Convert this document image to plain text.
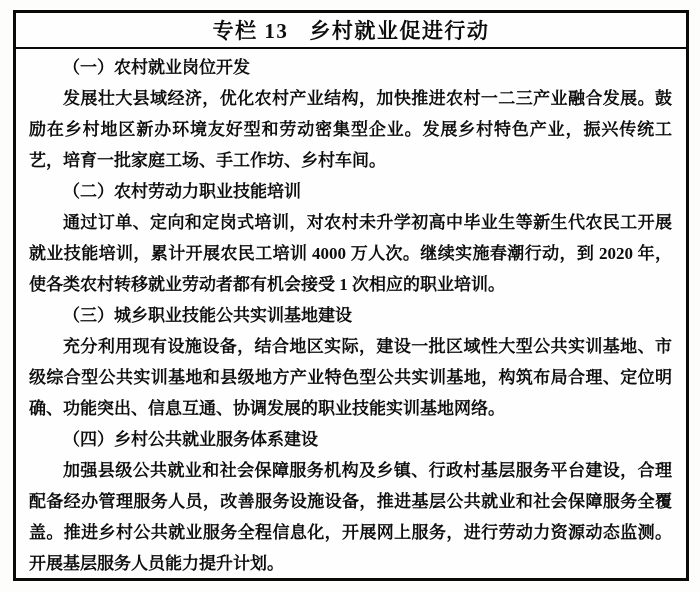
专栏 13 乡村就业促进行动
（一）农村就业岗位开发
发展壮大县域经济，优化农村产业结构，加快推进农村一二三产业融合发展。鼓励在乡村地区新办环境友好型和劳动密集型企业。发展乡村特色产业，振兴传统工艺，培育一批家庭工场、手工作坊、乡村车间。
（二）农村劳动力职业技能培训
通过订单、定向和定岗式培训，对农村未升学初高中毕业生等新生代农民工开展就业技能培训，累计开展农民工培训 4000 万人次。继续实施春潮行动，到 2020 年，使各类农村转移就业劳动者都有机会接受 1 次相应的职业培训。
（三）城乡职业技能公共实训基地建设
充分利用现有设施设备，结合地区实际，建设一批区域性大型公共实训基地、市级综合型公共实训基地和县级地方产业特色型公共实训基地，构筑布局合理、定位明确、功能突出、信息互通、协调发展的职业技能实训基地网络。
（四）乡村公共就业服务体系建设
加强县级公共就业和社会保障服务机构及乡镇、行政村基层服务平台建设，合理配备经办管理服务人员，改善服务设施设备，推进基层公共就业和社会保障服务全覆盖。推进乡村公共就业服务全程信息化，开展网上服务，进行劳动力资源动态监测。开展基层服务人员能力提升计划。
